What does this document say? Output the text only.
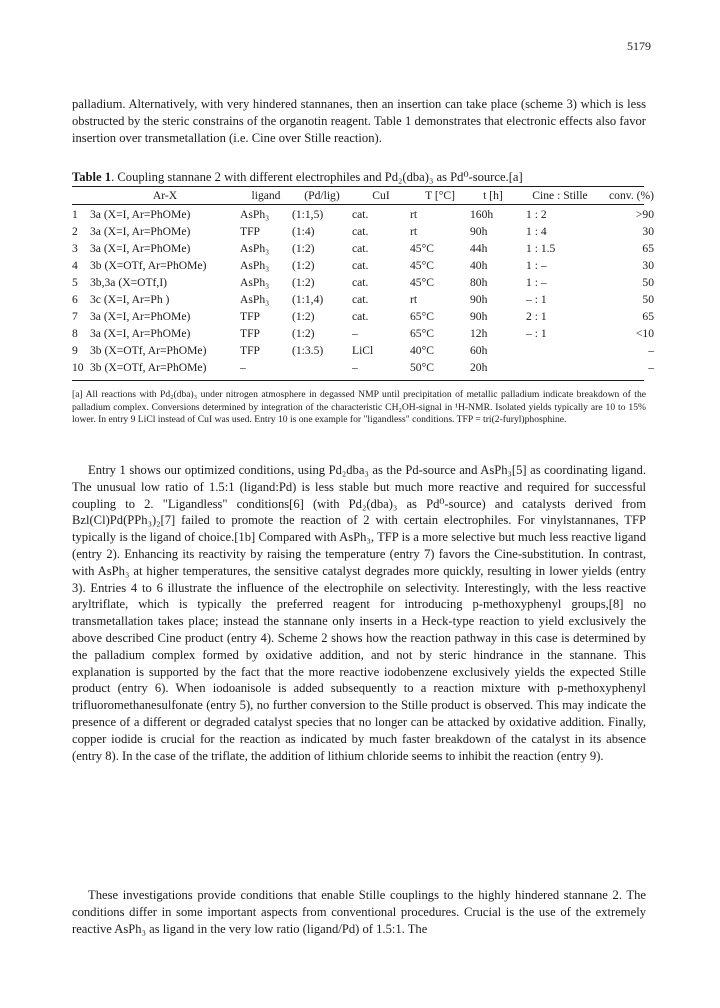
5179

palladium. Alternatively, with very hindered stannanes, then an insertion can take place (scheme 3) which is less obstructed by the steric constrains of the organotin reagent. Table 1 demonstrates that electronic effects also favor insertion over transmetallation (i.e. Cine over Stille reaction).

Table 1. Coupling stannane 2 with different electrophiles and Pd₂(dba)₃ as Pd⁰-source.[a]
	Ar-X	ligand	(Pd/lig)	CuI	T [°C]	t [h]	Cine : Stille	conv. (%)
1	3a (X=I, Ar=PhOMe)	AsPh₃	(1:1,5)	cat.	rt	160h	1 : 2	>90
2	3a (X=I, Ar=PhOMe)	TFP	(1:4)	cat.	rt	90h	1 : 4	30
3	3a (X=I, Ar=PhOMe)	AsPh₃	(1:2)	cat.	45°C	44h	1 : 1.5	65
4	3b (X=OTf, Ar=PhOMe)	AsPh₃	(1:2)	cat.	45°C	40h	1 : –	30
5	3b,3a (X=OTf,I)	AsPh₃	(1:2)	cat.	45°C	80h	1 : –	50
6	3c (X=I, Ar=Ph )	AsPh₃	(1:1,4)	cat.	rt	90h	– : 1	50
7	3a (X=I, Ar=PhOMe)	TFP	(1:2)	cat.	65°C	90h	2 : 1	65
8	3a (X=I, Ar=PhOMe)	TFP	(1:2)	–	65°C	12h	– : 1	<10
9	3b (X=OTf, Ar=PhOMe)	TFP	(1:3.5)	LiCl	40°C	60h		–
10	3b (X=OTf, Ar=PhOMe)	–		–	50°C	20h		–

[a] All reactions with Pd₂(dba)₃ under nitrogen atmosphere in degassed NMP until precipitation of metallic palladium indicate breakdown of the palladium complex. Conversions determined by integration of the characteristic CH₂OH-signal in ¹H-NMR. Isolated yields typically are 10 to 15% lower. In entry 9 LiCl instead of CuI was used. Entry 10 is one example for "ligandless" conditions. TFP = tri(2-furyl)phosphine.

Entry 1 shows our optimized conditions, using Pd₂dba₃ as the Pd-source and AsPh₃[5] as coordinating ligand. The unusual low ratio of 1.5:1 (ligand:Pd) is less stable but much more reactive and required for successful coupling to 2. "Ligandless" conditions[6] (with Pd₂(dba)₃ as Pd⁰-source) and catalysts derived from Bzl(Cl)Pd(PPh₃)₂[7] failed to promote the reaction of 2 with certain electrophiles. For vinylstannanes, TFP typically is the ligand of choice.[1b] Compared with AsPh₃, TFP is a more selective but much less reactive ligand (entry 2). Enhancing its reactivity by raising the temperature (entry 7) favors the Cine-substitution. In contrast, with AsPh₃ at higher temperatures, the sensitive catalyst degrades more quickly, resulting in lower yields (entry 3). Entries 4 to 6 illustrate the influence of the electrophile on selectivity. Interestingly, with the less reactive aryltriflate, which is typically the preferred reagent for introducing p-methoxyphenyl groups,[8] no transmetallation takes place; instead the stannane only inserts in a Heck-type reaction to yield exclusively the above described Cine product (entry 4). Scheme 2 shows how the reaction pathway in this case is determined by the palladium complex formed by oxidative addition, and not by steric hindrance in the stannane. This explanation is supported by the fact that the more reactive iodobenzene exclusively yields the expected Stille product (entry 6). When iodoanisole is added subsequently to a reaction mixture with p-methoxyphenyl trifluoromethanesulfonate (entry 5), no further conversion to the Stille product is observed. This may indicate the presence of a different or degraded catalyst species that no longer can be attacked by oxidative addition. Finally, copper iodide is crucial for the reaction as indicated by much faster breakdown of the catalyst in its absence (entry 8). In the case of the triflate, the addition of lithium chloride seems to inhibit the reaction (entry 9).

These investigations provide conditions that enable Stille couplings to the highly hindered stannane 2. The conditions differ in some important aspects from conventional procedures. Crucial is the use of the extremely reactive AsPh₃ as ligand in the very low ratio (ligand/Pd) of 1.5:1. The
